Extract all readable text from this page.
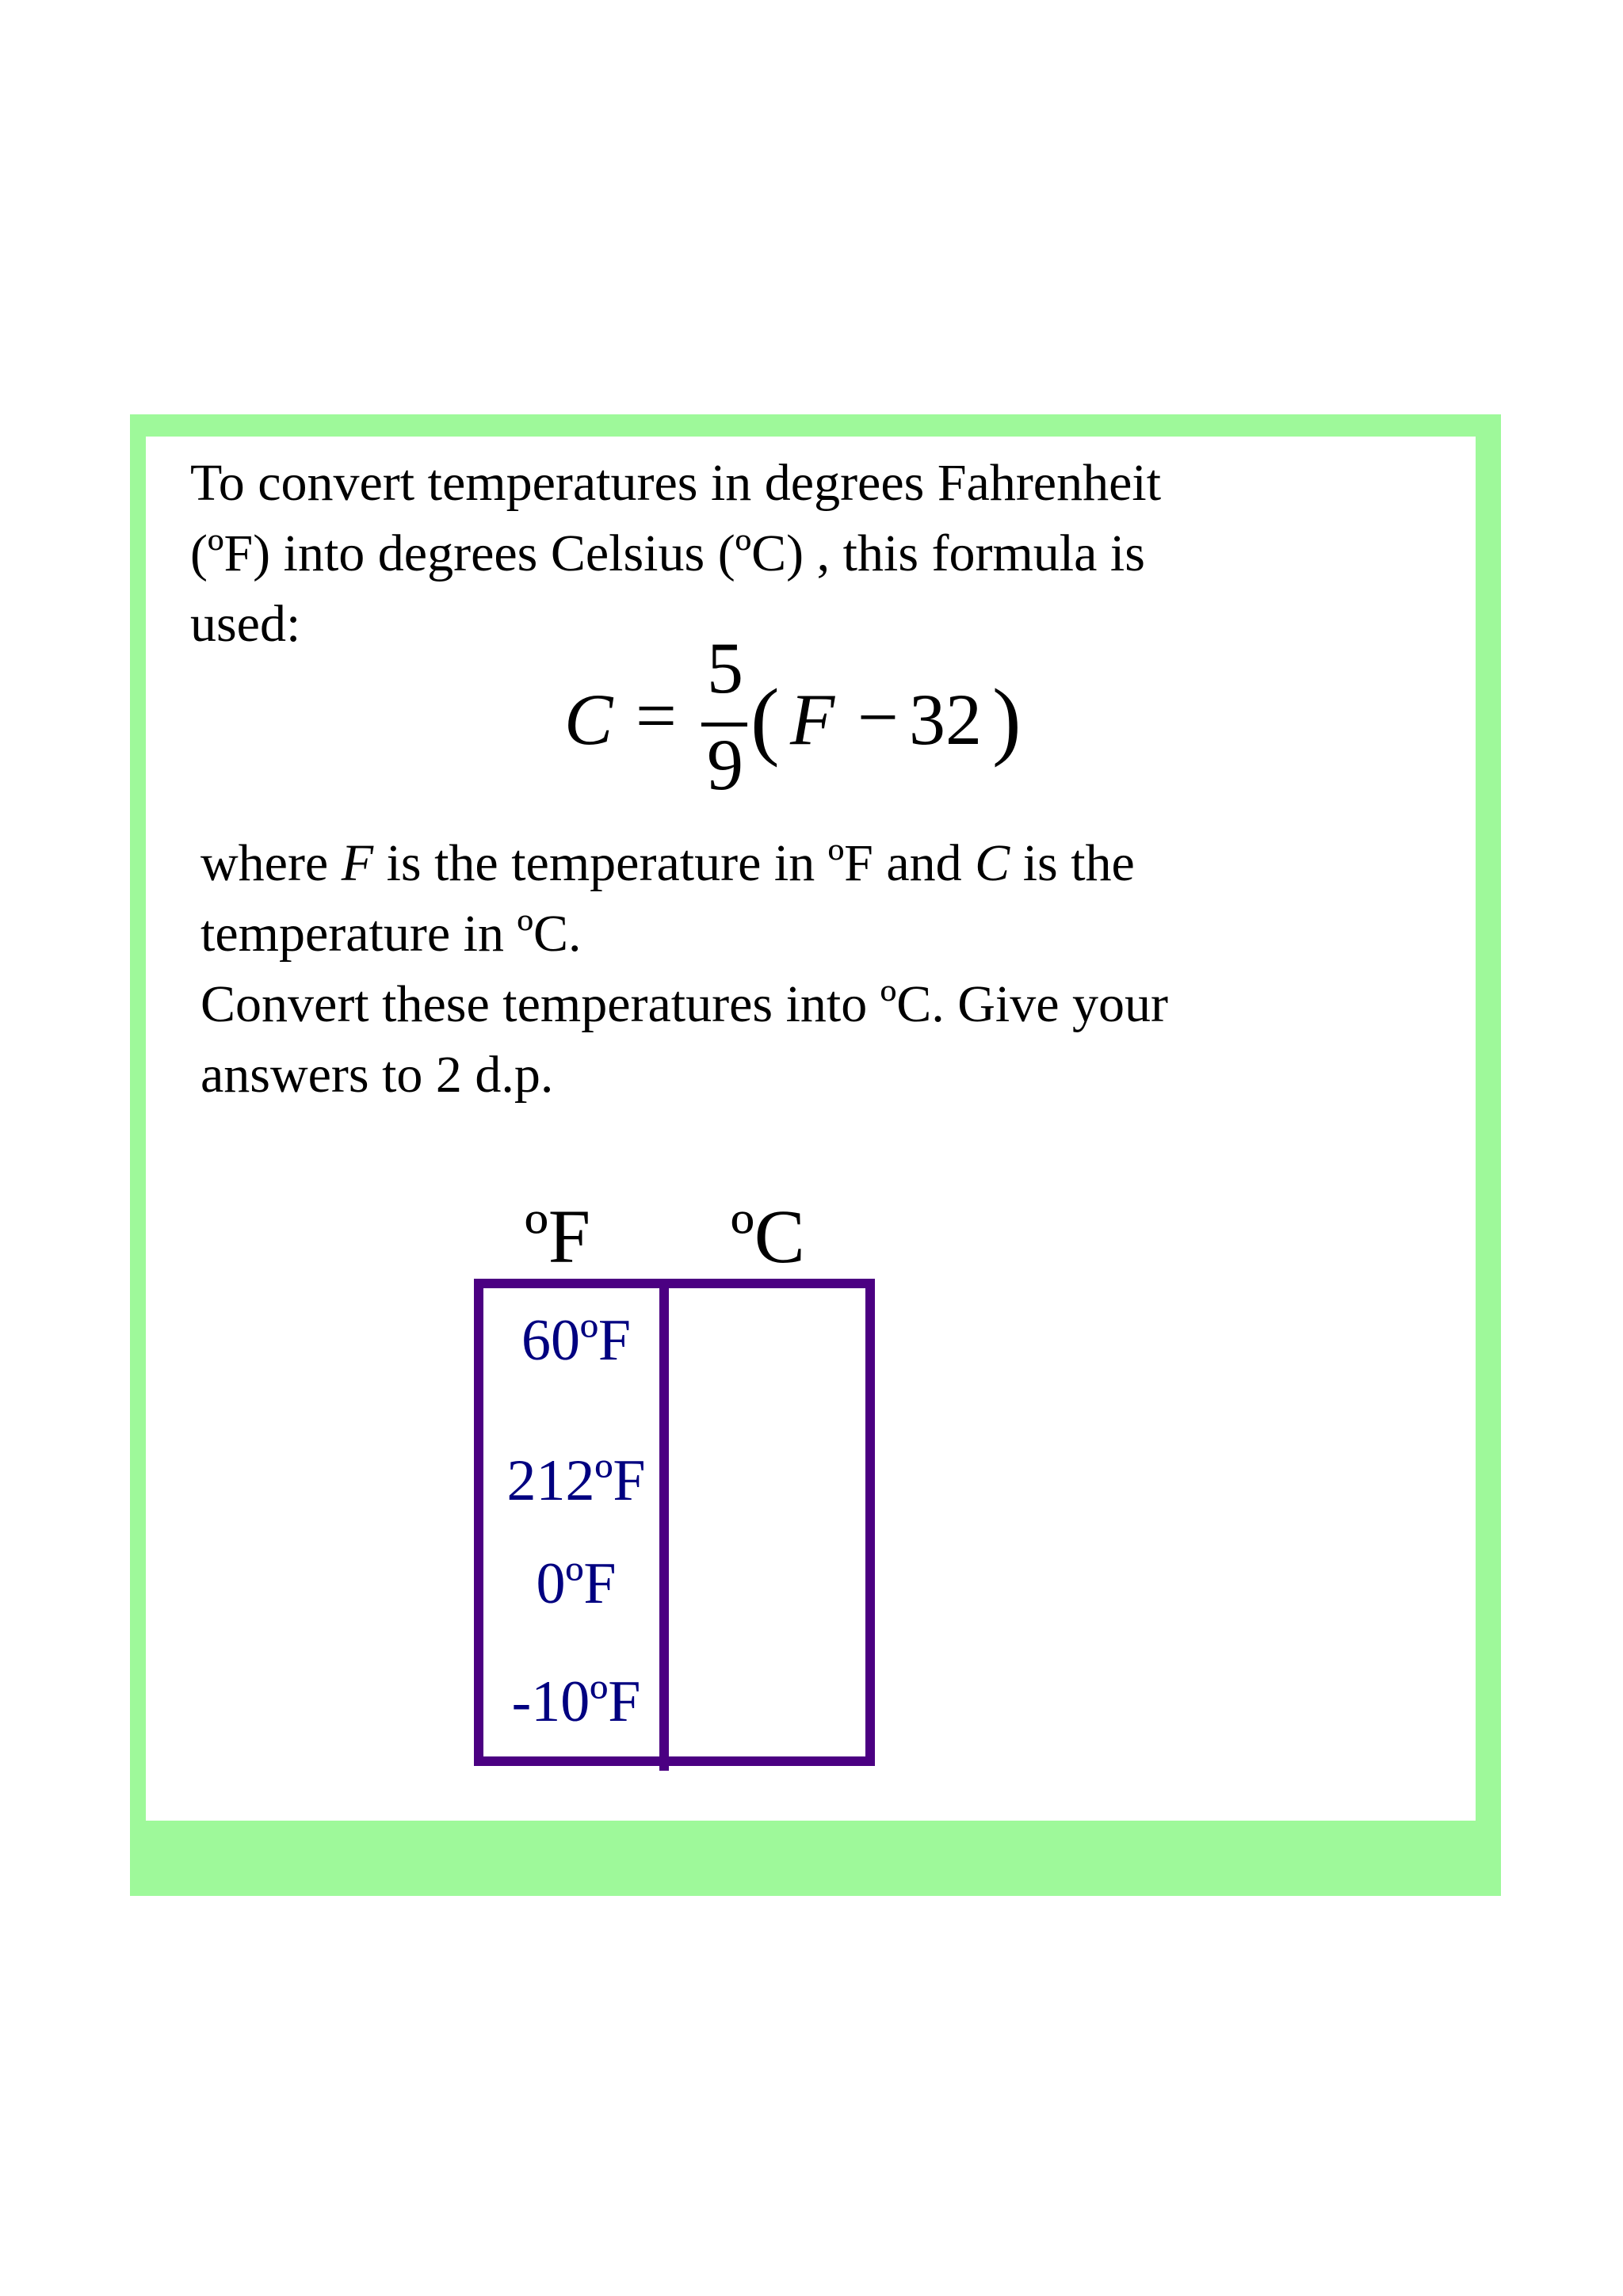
To convert temperatures in degrees Fahrenheit
(ºF) into degrees Celsius (ºC) , this formula is
used:
C =
5
9 ( F − 32 )
where F is the temperature in ºF and C is the
temperature in ºC.
Convert these temperatures into ºC. Give your
answers to 2 d.p.
ºF ºC
60ºF
212ºF
0ºF
-10ºF
